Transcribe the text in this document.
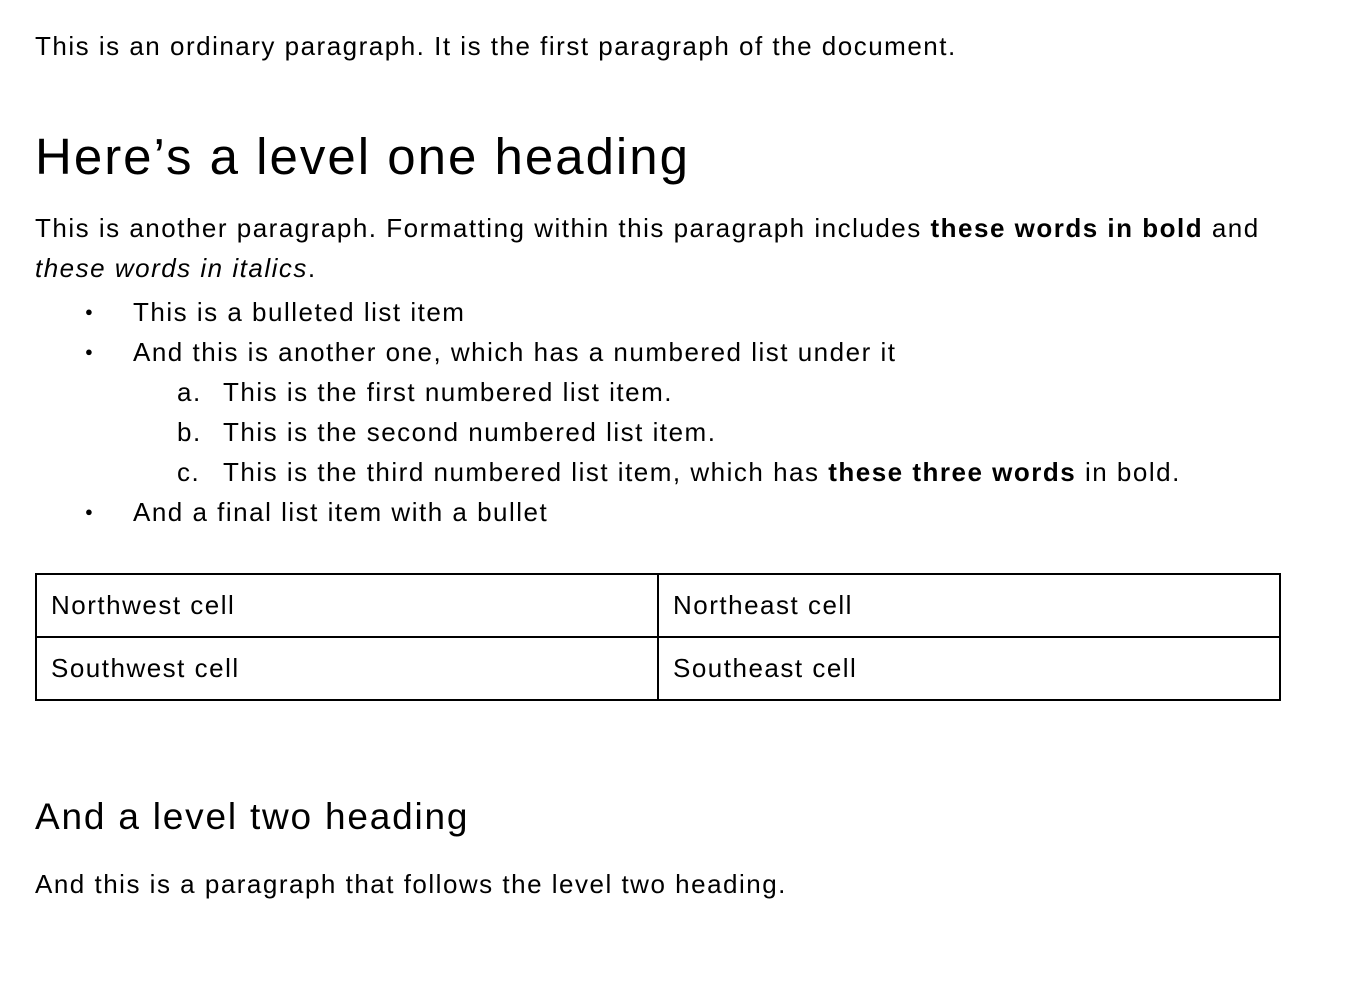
This is an ordinary paragraph. It is the first paragraph of the document.

Here’s a level one heading

This is another paragraph. Formatting within this paragraph includes these words in bold and these words in italics.

●	This is a bulleted list item
●	And this is another one, which has a numbered list under it
a. This is the first numbered list item.
b. This is the second numbered list item.
c. This is the third numbered list item, which has these three words in bold.
●	And a final list item with a bullet
Northwest cell	Northeast cell
Southwest cell	Southeast cell
And a level two heading

And this is a paragraph that follows the level two heading.
